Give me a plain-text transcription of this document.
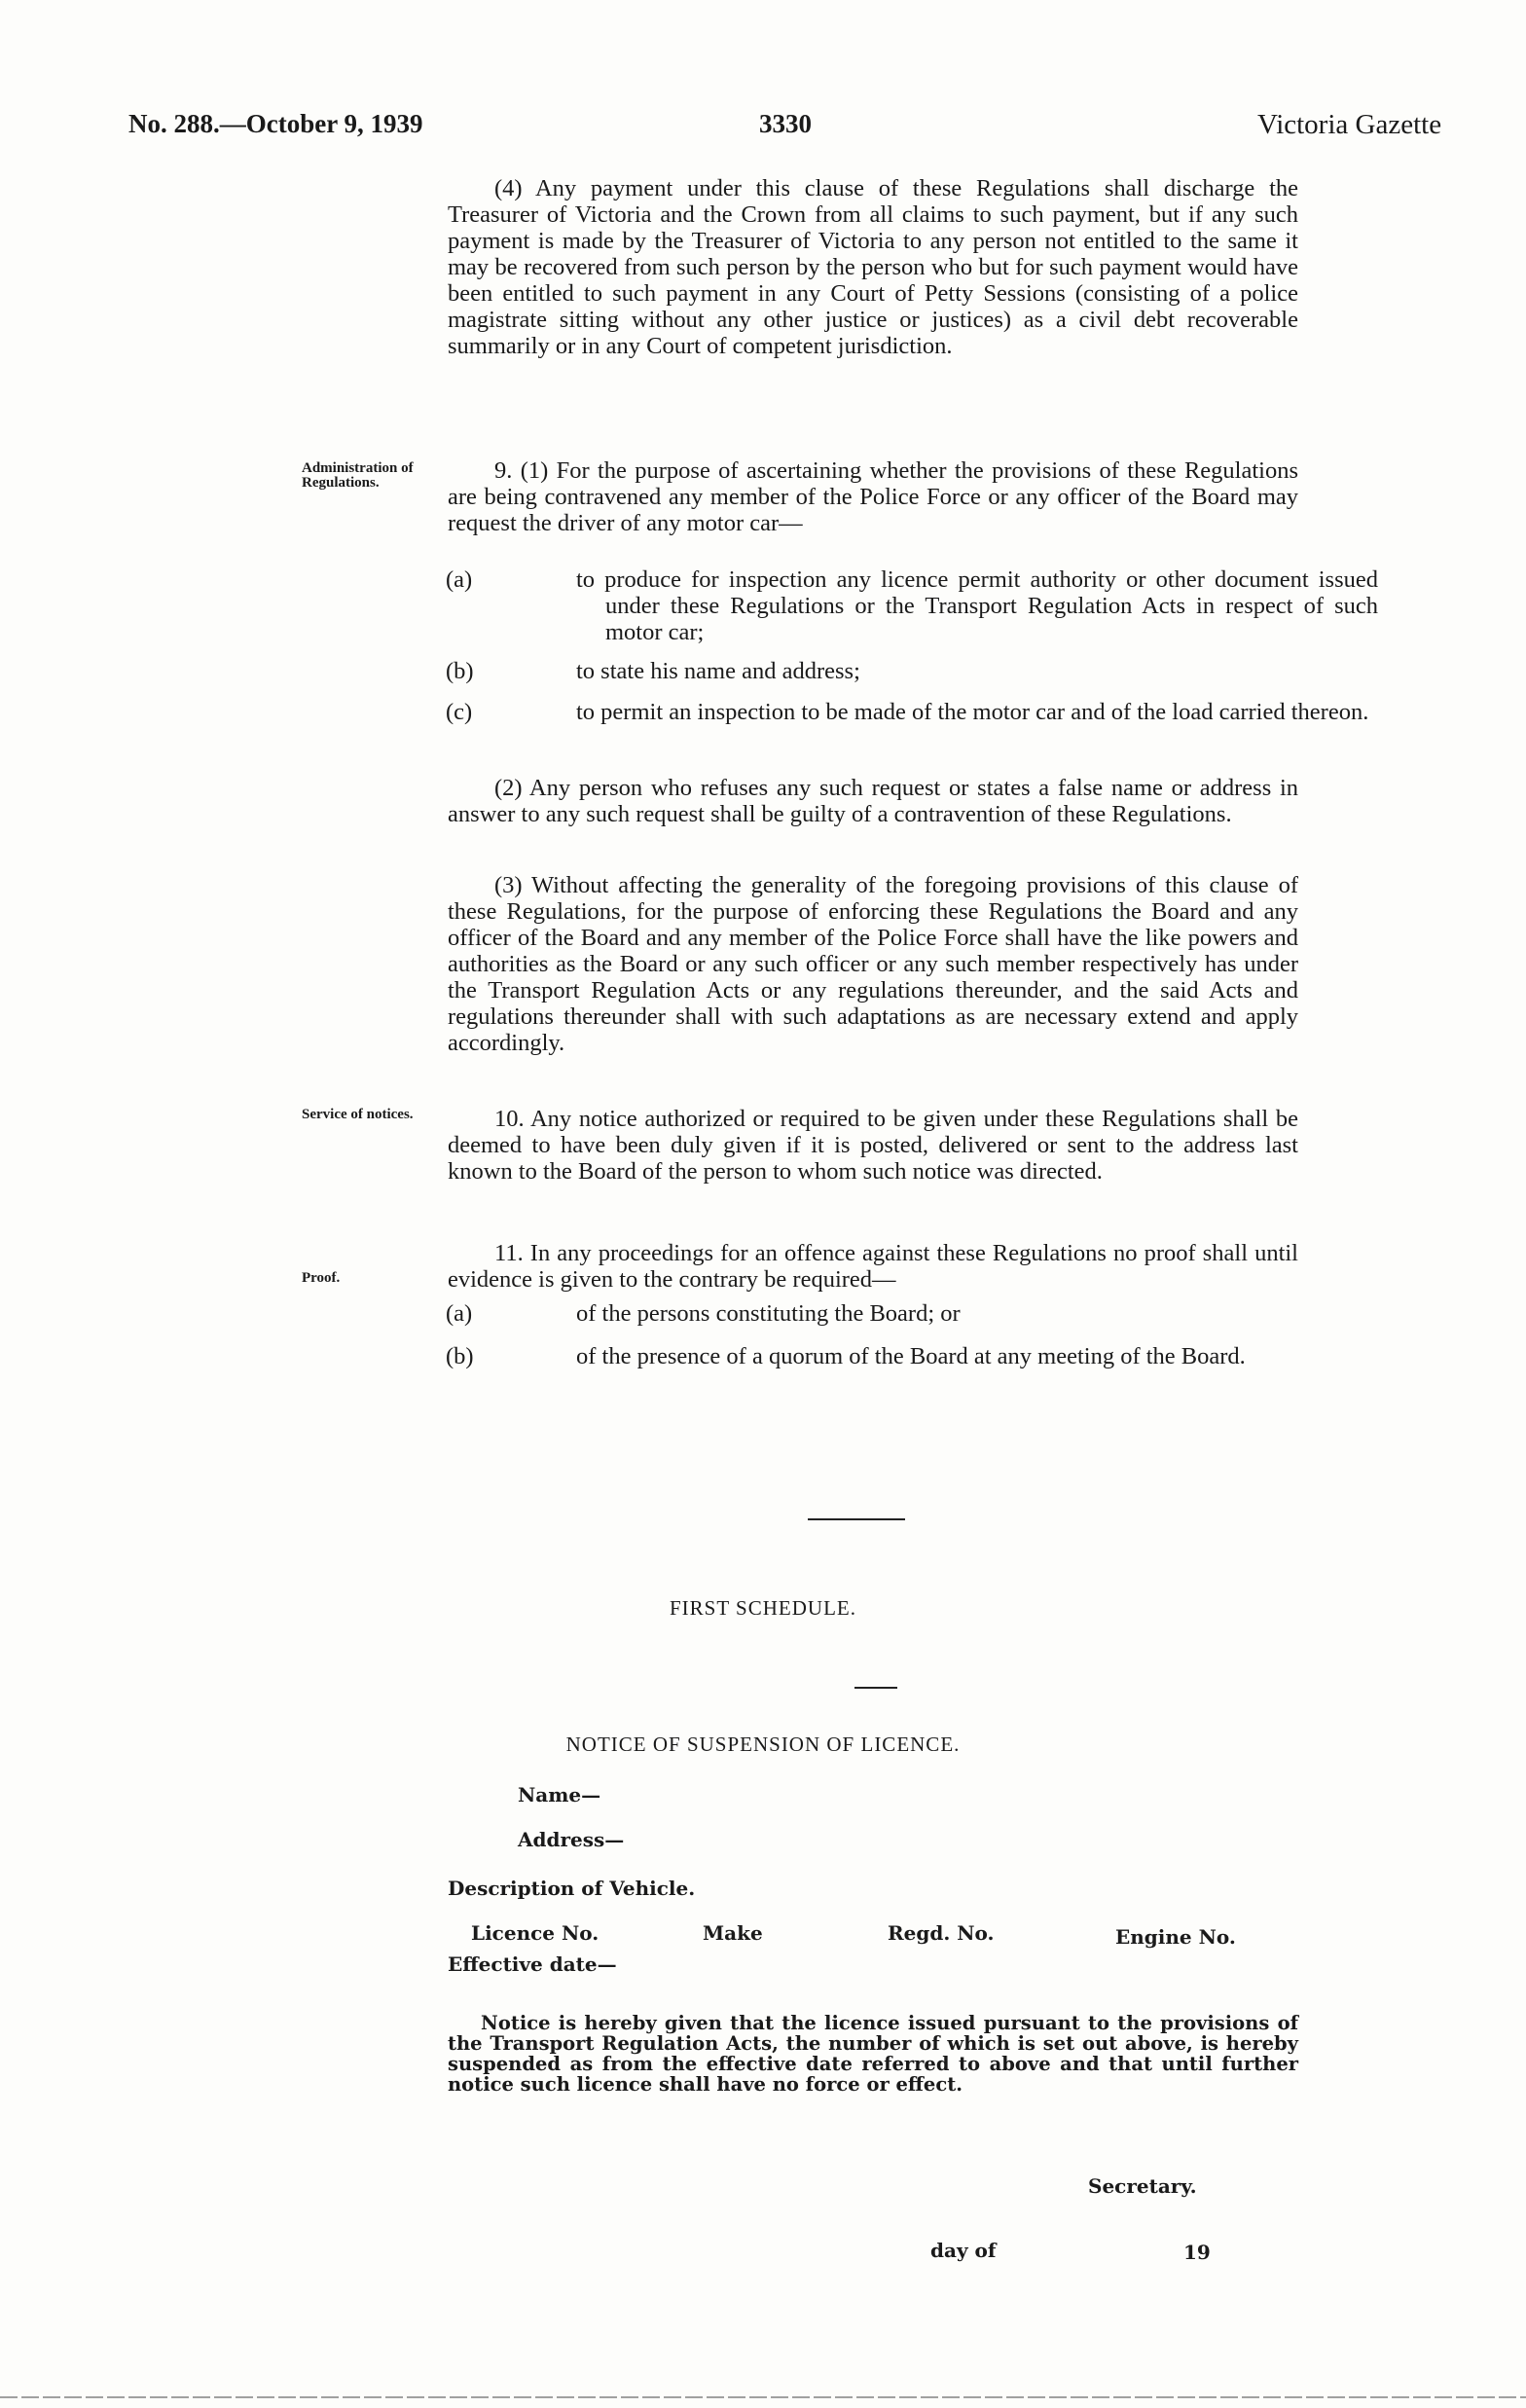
No. 288.—October 9, 1939	3330	Victoria Gazette

(4) Any payment under this clause of these Regulations shall discharge the Treasurer of Victoria and the Crown from all claims to such payment, but if any such payment is made by the Treasurer of Victoria to any person not entitled to the same it may be recovered from such person by the person who but for such payment would have been entitled to such payment in any Court of Petty Sessions (consisting of a police magistrate sitting without any other justice or justices) as a civil debt recoverable summarily or in any Court of competent jurisdiction.

Administration of Regulations.	9. (1) For the purpose of ascertaining whether the provisions of these Regulations are being contravened any member of the Police Force or any officer of the Board may request the driver of any motor car—

(a)	to produce for inspection any licence permit authority or other document issued under these Regulations or the Transport Regulation Acts in respect of such motor car;
(b)	to state his name and address;
(c)	to permit an inspection to be made of the motor car and of the load carried thereon.

(2) Any person who refuses any such request or states a false name or address in answer to any such request shall be guilty of a contravention of these Regulations.

(3) Without affecting the generality of the foregoing provisions of this clause of these Regulations, for the purpose of enforcing these Regulations the Board and any officer of the Board and any member of the Police Force shall have the like powers and authorities as the Board or any such officer or any such member respectively has under the Transport Regulation Acts or any regulations thereunder, and the said Acts and regulations thereunder shall with such adaptations as are necessary extend and apply accordingly.

Service of notices.	10. Any notice authorized or required to be given under these Regulations shall be deemed to have been duly given if it is posted, delivered or sent to the address last known to the Board of the person to whom such notice was directed.

Proof.

11. In any proceedings for an offence against these Regulations no proof shall until evidence is given to the contrary be required—

(a)	of the persons constituting the Board; or
(b)	of the presence of a quorum of the Board at any meeting of the Board.
FIRST SCHEDULE.
NOTICE OF SUSPENSION OF LICENCE.
Name—
Address—
Description of Vehicle.
Licence No.	Make	Regd. No.	Engine No.
Effective date—
Notice is hereby given that the licence issued pursuant to the provisions of the Transport Regulation Acts, the number of which is set out above, is hereby suspended as from the effective date referred to above and that until further notice such licence shall have no force or effect.
Secretary.
day of	19
